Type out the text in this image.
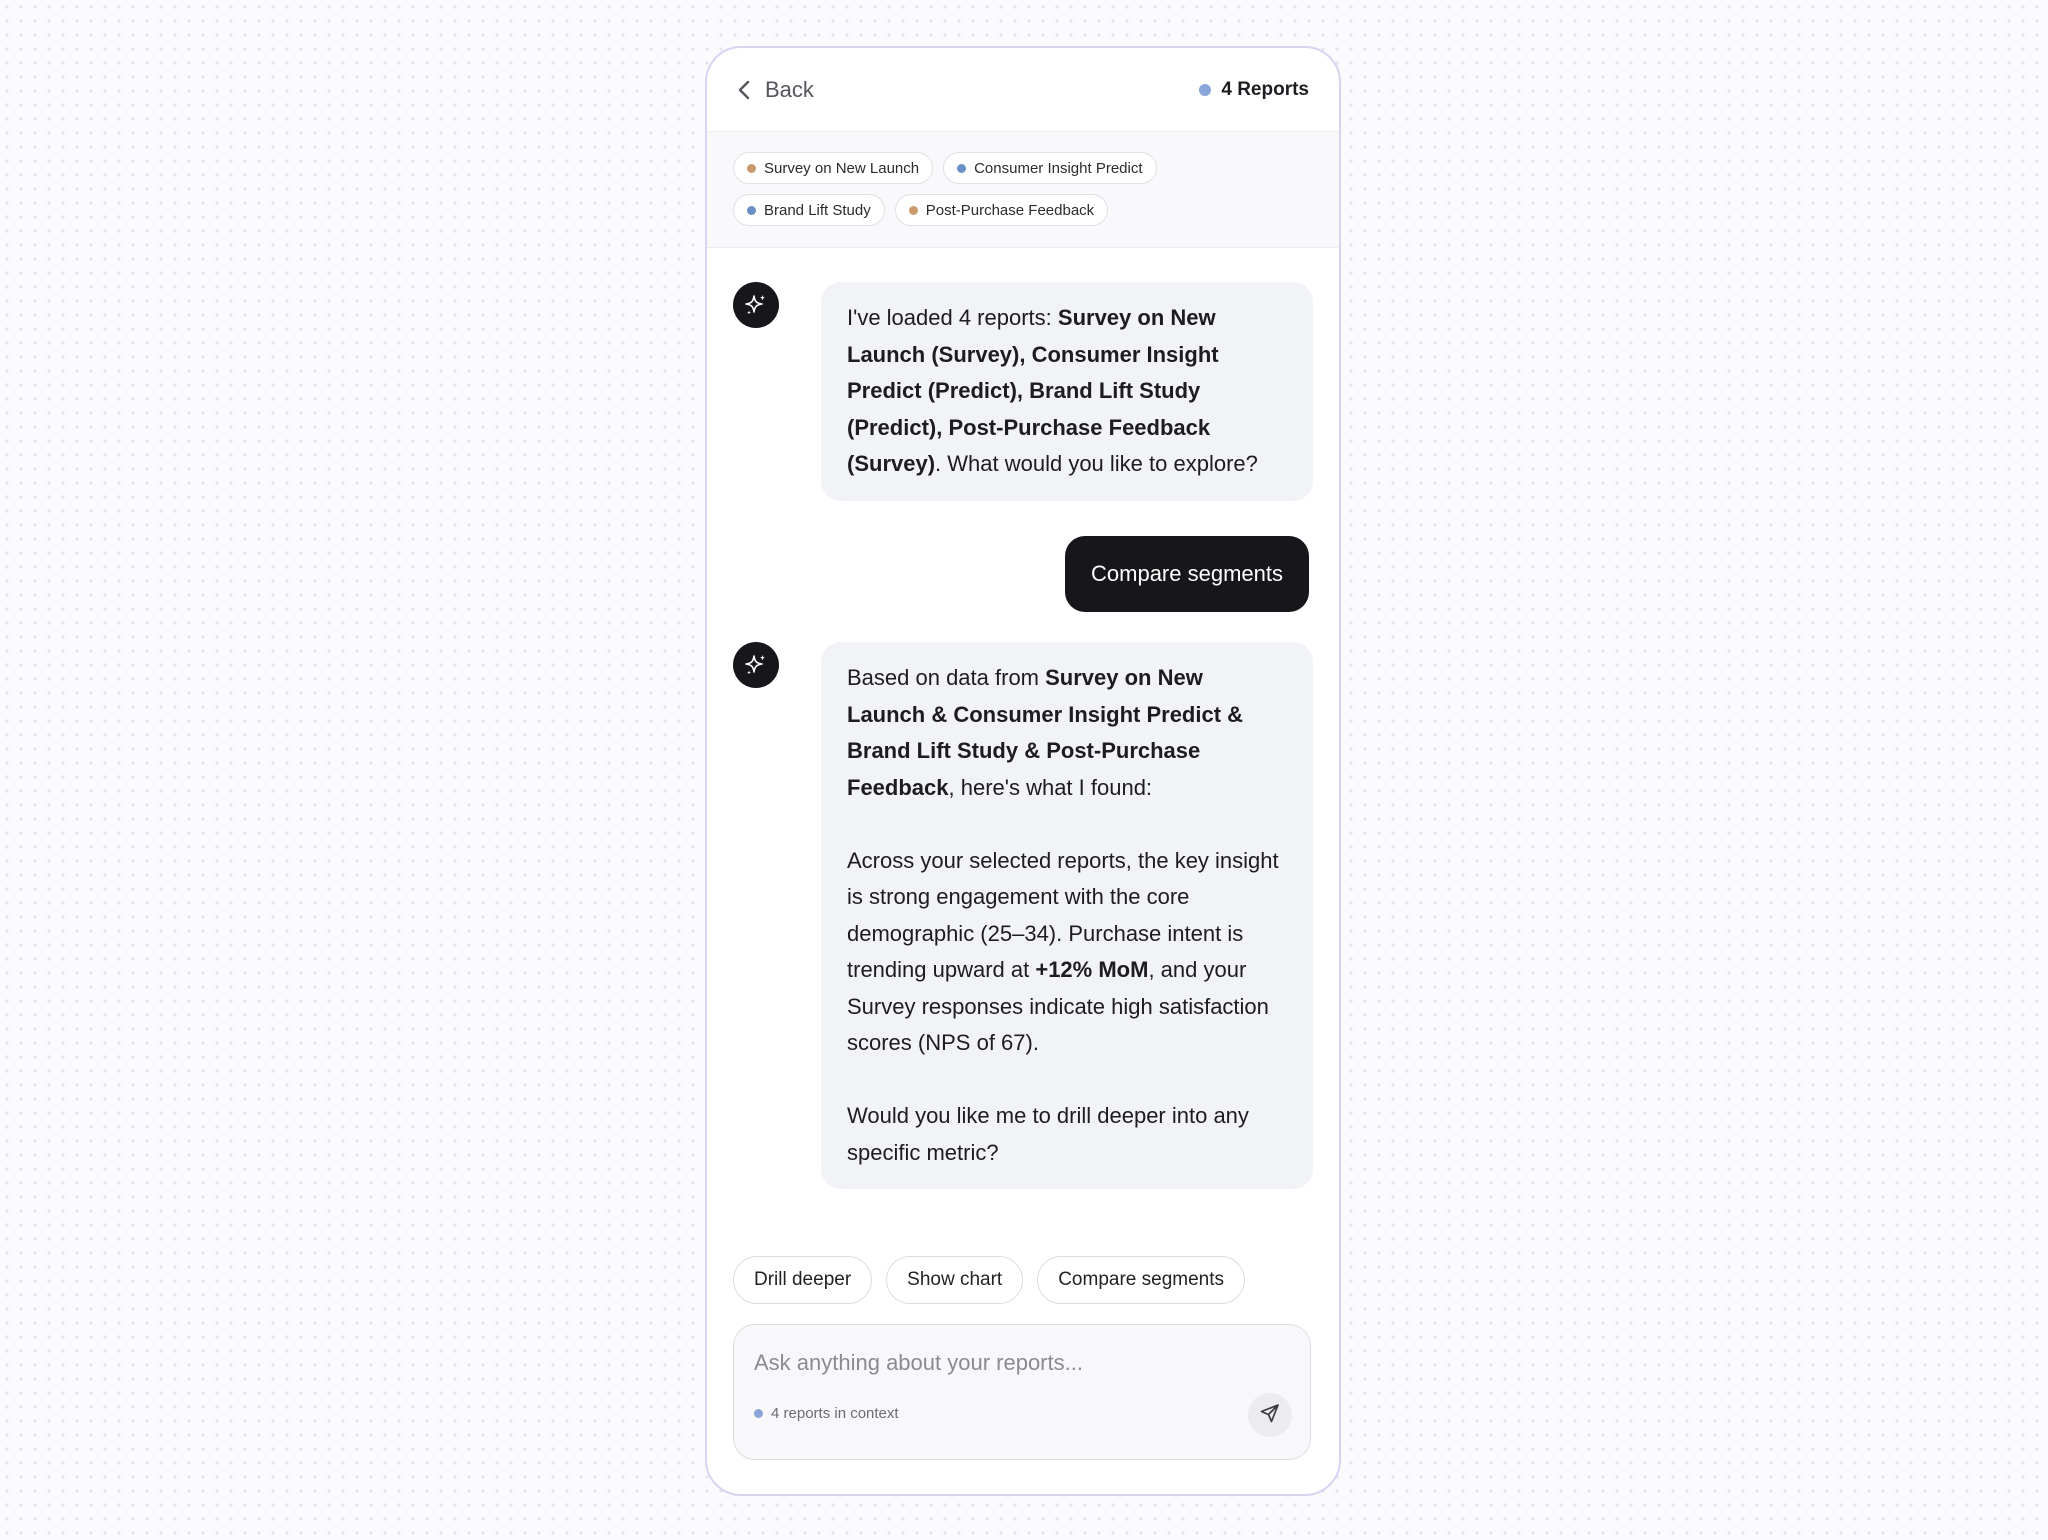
Back	4 Reports
Survey on New Launch	Consumer Insight Predict
Brand Lift Study	Post-Purchase Feedback

I've loaded 4 reports: Survey on New Launch (Survey), Consumer Insight Predict (Predict), Brand Lift Study (Predict), Post-Purchase Feedback (Survey). What would you like to explore?

Compare segments

Based on data from Survey on New Launch & Consumer Insight Predict & Brand Lift Study & Post-Purchase Feedback, here's what I found:

Across your selected reports, the key insight is strong engagement with the core demographic (25–34). Purchase intent is trending upward at +12% MoM, and your Survey responses indicate high satisfaction scores (NPS of 67).

Would you like me to drill deeper into any specific metric?

Drill deeper	Show chart	Compare segments
Ask anything about your reports...
4 reports in context
